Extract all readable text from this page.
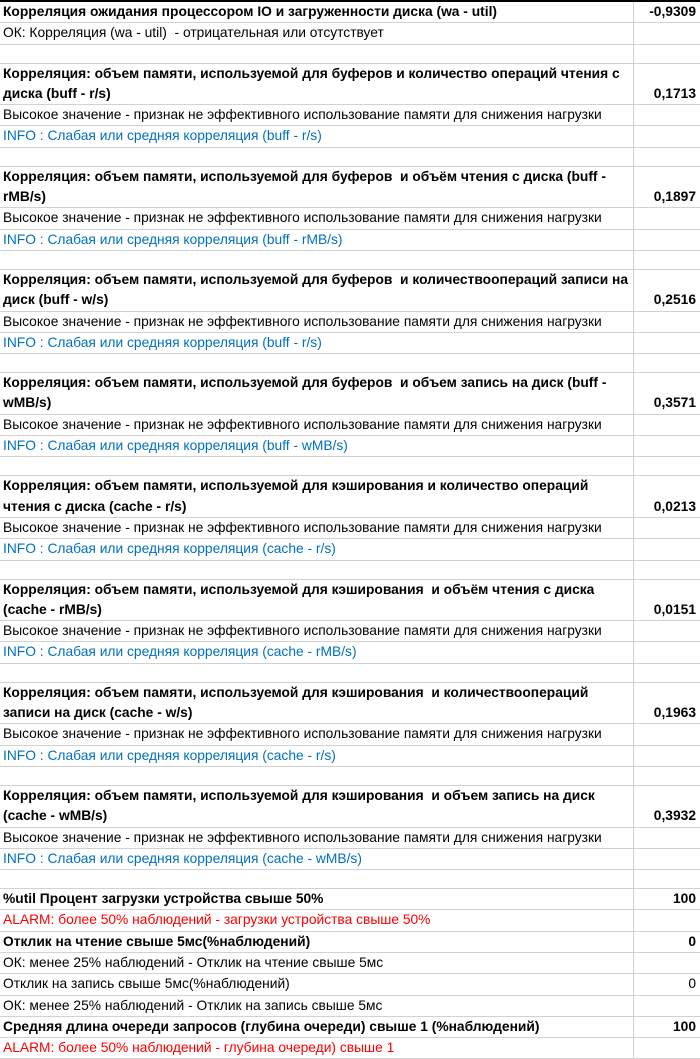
Корреляция ожидания процессором IO и загруженности диска (wa - util)	-0,9309
ОК: Корреляция (wa - util)  - отрицательная или отсутствует
Корреляция: объем памяти, используемой для буферов и количество операций чтения с диска (buff - r/s)	0,1713
Высокое значение - признак не эффективного использование памяти для снижения нагрузки
INFO : Слабая или средняя корреляция (buff - r/s)
Корреляция: объем памяти, используемой для буферов  и объём чтения с диска (buff - rMB/s)	0,1897
Высокое значение - признак не эффективного использование памяти для снижения нагрузки
INFO : Слабая или средняя корреляция (buff - rMB/s)
Корреляция: объем памяти, используемой для буферов  и количествоопераций записи на диск (buff - w/s)	0,2516
Высокое значение - признак не эффективного использование памяти для снижения нагрузки
INFO : Слабая или средняя корреляция (buff - r/s)
Корреляция: объем памяти, используемой для буферов  и объем запись на диск (buff - wMB/s)	0,3571
Высокое значение - признак не эффективного использование памяти для снижения нагрузки
INFO : Слабая или средняя корреляция (buff - wMB/s)
Корреляция: объем памяти, используемой для кэширования и количество операций чтения с диска (cache - r/s)	0,0213
Высокое значение - признак не эффективного использование памяти для снижения нагрузки
INFO : Слабая или средняя корреляция (cache - r/s)
Корреляция: объем памяти, используемой для кэширования  и объём чтения с диска (cache - rMB/s)	0,0151
Высокое значение - признак не эффективного использование памяти для снижения нагрузки
INFO : Слабая или средняя корреляция (cache - rMB/s)
Корреляция: объем памяти, используемой для кэширования  и количествоопераций записи на диск (cache - w/s)	0,1963
Высокое значение - признак не эффективного использование памяти для снижения нагрузки
INFO : Слабая или средняя корреляция (cache - r/s)
Корреляция: объем памяти, используемой для кэширования  и объем запись на диск (cache - wMB/s)	0,3932
Высокое значение - признак не эффективного использование памяти для снижения нагрузки
INFO : Слабая или средняя корреляция (cache - wMB/s)
%util Процент загрузки устройства свыше 50%	100
ALARM: более 50% наблюдений - загрузки устройства свыше 50%
Отклик на чтение свыше 5мс(%наблюдений)	0
ОК: менее 25% наблюдений - Отклик на чтение свыше 5мс
Отклик на запись свыше 5мс(%наблюдений)	0
ОК: менее 25% наблюдений - Отклик на запись свыше 5мс
Средняя длина очереди запросов (глубина очереди) свыше 1 (%наблюдений)	100
ALARM: более 50% наблюдений - глубина очереди) свыше 1
